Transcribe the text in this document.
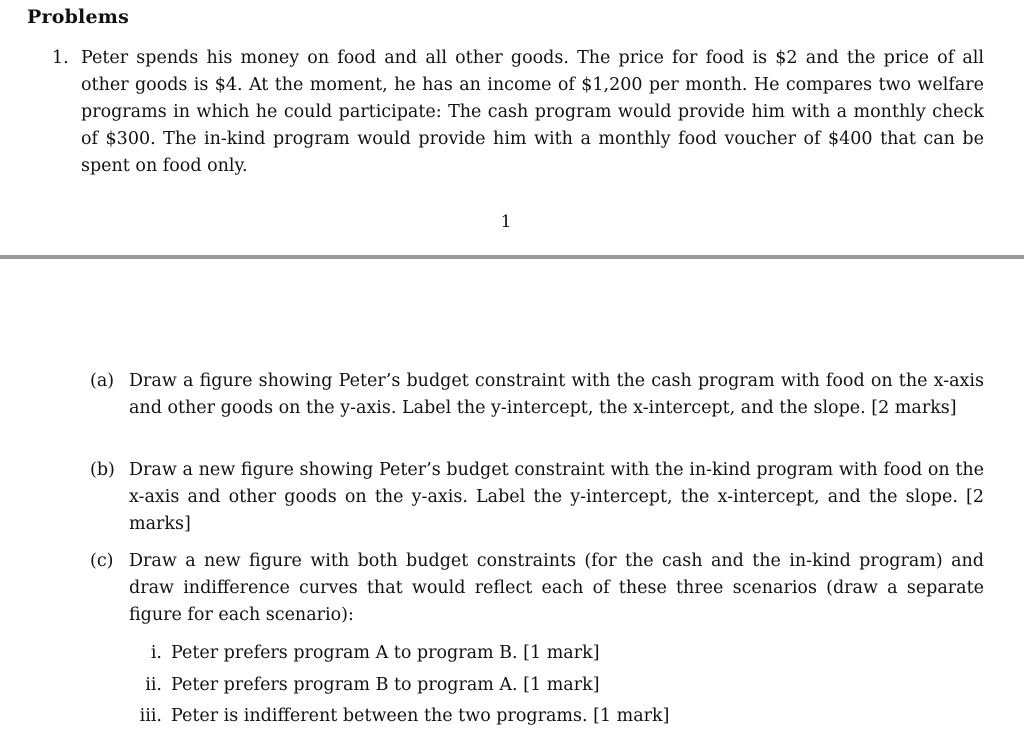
Problems
1. Peter spends his money on food and all other goods. The price for food is $2 and the price of all other goods is $4. At the moment, he has an income of $1,200 per month. He compares two welfare programs in which he could participate: The cash program would provide him with a monthly check of $300. The in-kind program would provide him with a monthly food voucher of $400 that can be spent on food only.
1
(a) Draw a figure showing Peter’s budget constraint with the cash program with food on the x-axis and other goods on the y-axis. Label the y-intercept, the x-intercept, and the slope. [2 marks]
(b) Draw a new figure showing Peter’s budget constraint with the in-kind program with food on the x-axis and other goods on the y-axis. Label the y-intercept, the x-intercept, and the slope. [2 marks]
(c) Draw a new figure with both budget constraints (for the cash and the in-kind program) and draw indifference curves that would reflect each of these three scenarios (draw a separate figure for each scenario):
i. Peter prefers program A to program B. [1 mark]
ii. Peter prefers program B to program A. [1 mark]
iii. Peter is indifferent between the two programs. [1 mark]
